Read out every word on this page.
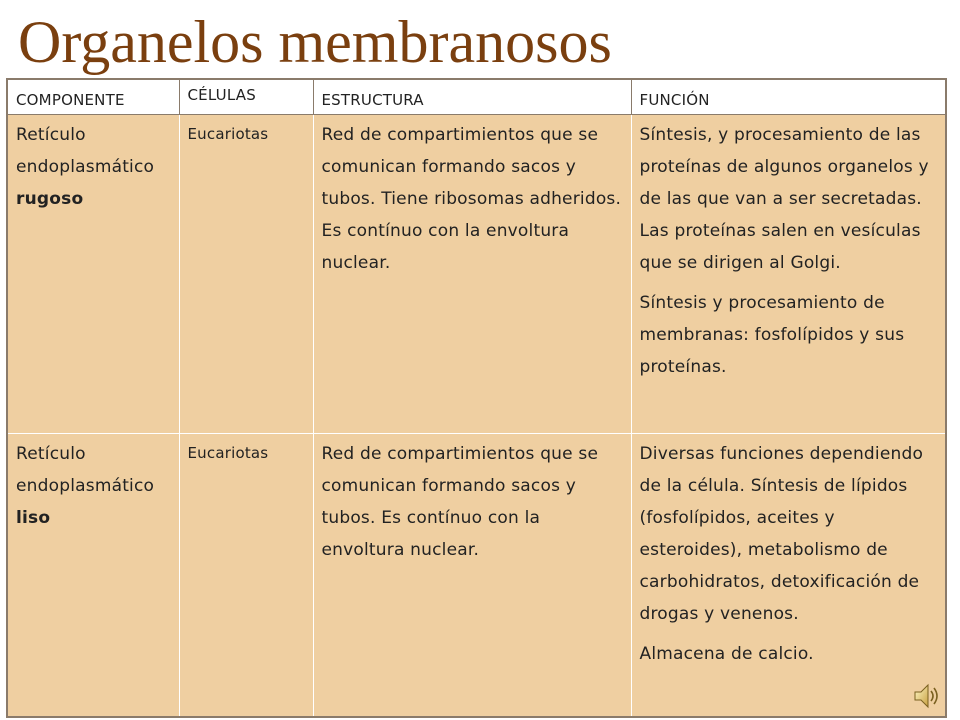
Organelos membranosos
COMPONENTE	CÉLULAS	ESTRUCTURA	FUNCIÓN
Retículo endoplasmático rugoso	Eucariotas	Red de compartimientos que se comunican formando sacos y tubos. Tiene ribosomas adheridos. Es contínuo con la envoltura nuclear.	Síntesis, y procesamiento de las proteínas de algunos organelos y de las que van a ser secretadas. Las proteínas salen en vesículas que se dirigen al Golgi.

Síntesis y procesamiento de membranas: fosfolípidos y sus proteínas.

Retículo endoplasmático liso	Eucariotas	Red de compartimientos que se comunican formando sacos y tubos. Es contínuo con la envoltura nuclear.	Diversas funciones dependiendo de la célula. Síntesis de lípidos (fosfolípidos, aceites y esteroides), metabolismo de carbohidratos, detoxificación de drogas y venenos.

Almacena de calcio.
